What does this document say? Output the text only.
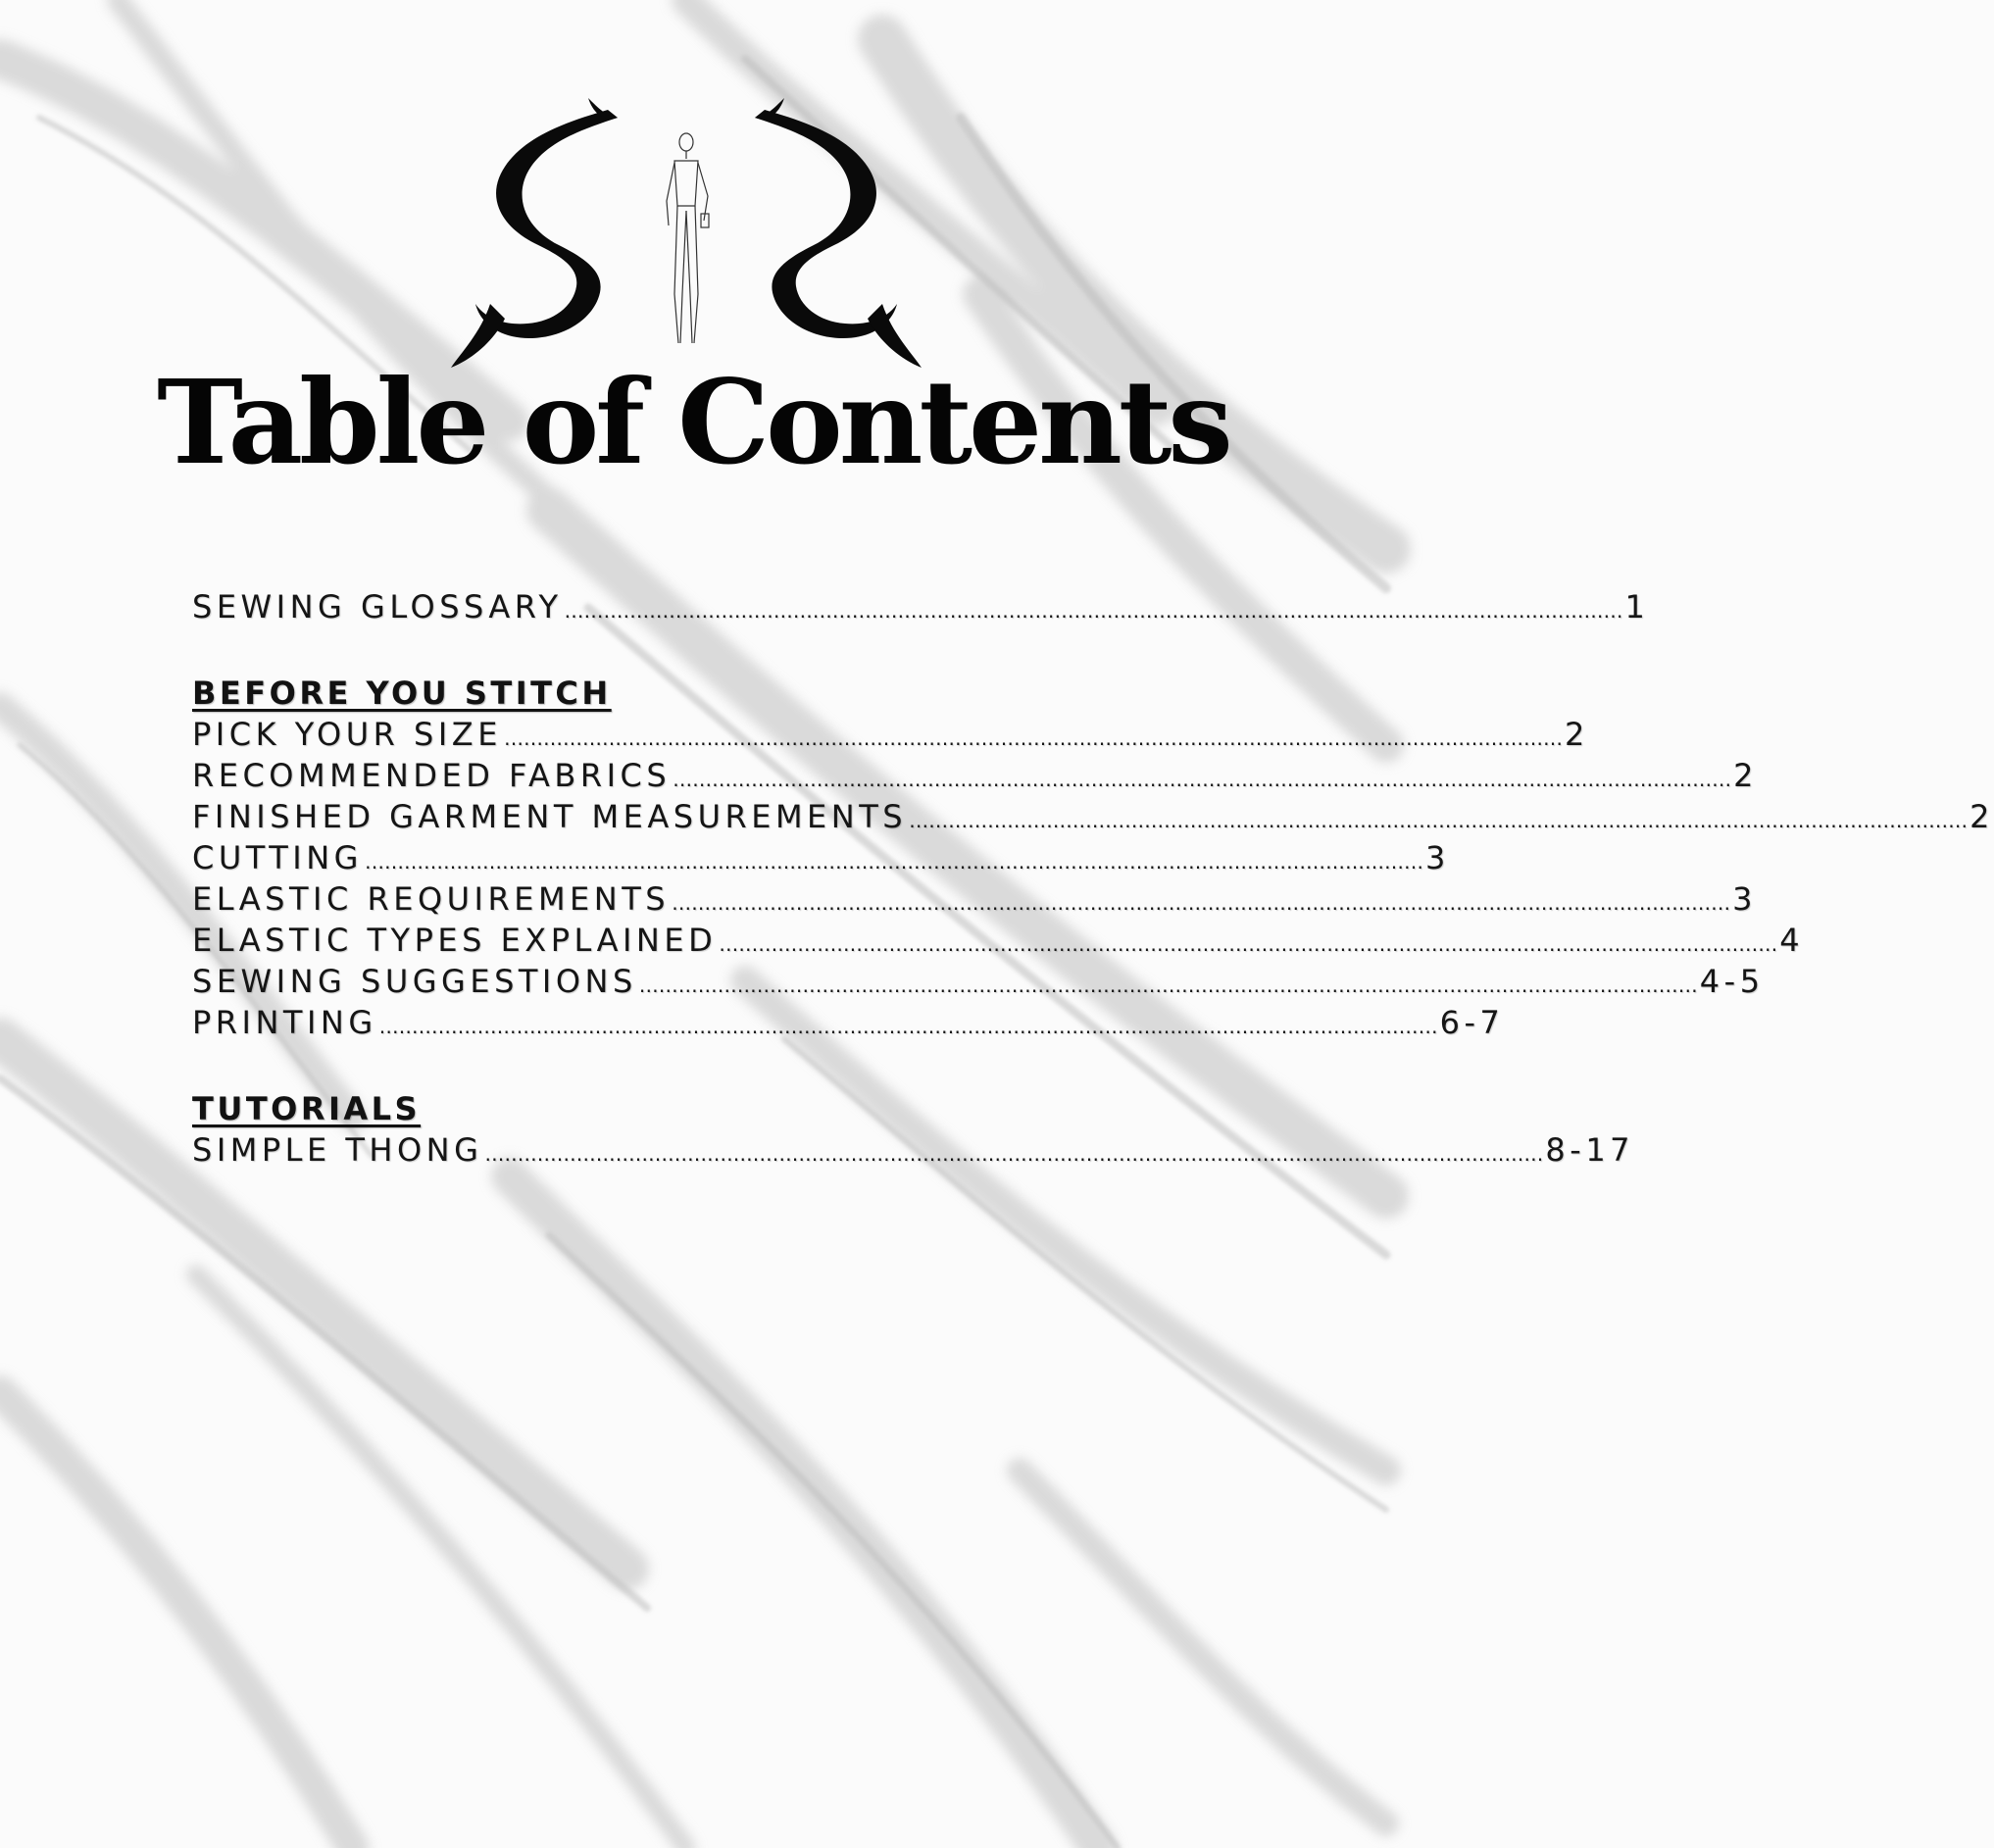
Table of Contents
SEWING GLOSSARY ……………………………………………………………………………………………………………………………………………… 1
BEFORE YOU STITCH
PICK YOUR SIZE ……………………………………………………………………………………………………………………………………………… 2
RECOMMENDED FABRICS ……………………………………………………………………………………………………………………………………………… 2
FINISHED GARMENT MEASUREMENTS ……………………………………………………………………………………………………………………………………………… 2
CUTTING ……………………………………………………………………………………………………………………………………………… 3
ELASTIC REQUIREMENTS ……………………………………………………………………………………………………………………………………………… 3
ELASTIC TYPES EXPLAINED ……………………………………………………………………………………………………………………………………………… 4
SEWING SUGGESTIONS ……………………………………………………………………………………………………………………………………………… 4-5
PRINTING ……………………………………………………………………………………………………………………………………………… 6-7
TUTORIALS
SIMPLE THONG ……………………………………………………………………………………………………………………………………………… 8-17
